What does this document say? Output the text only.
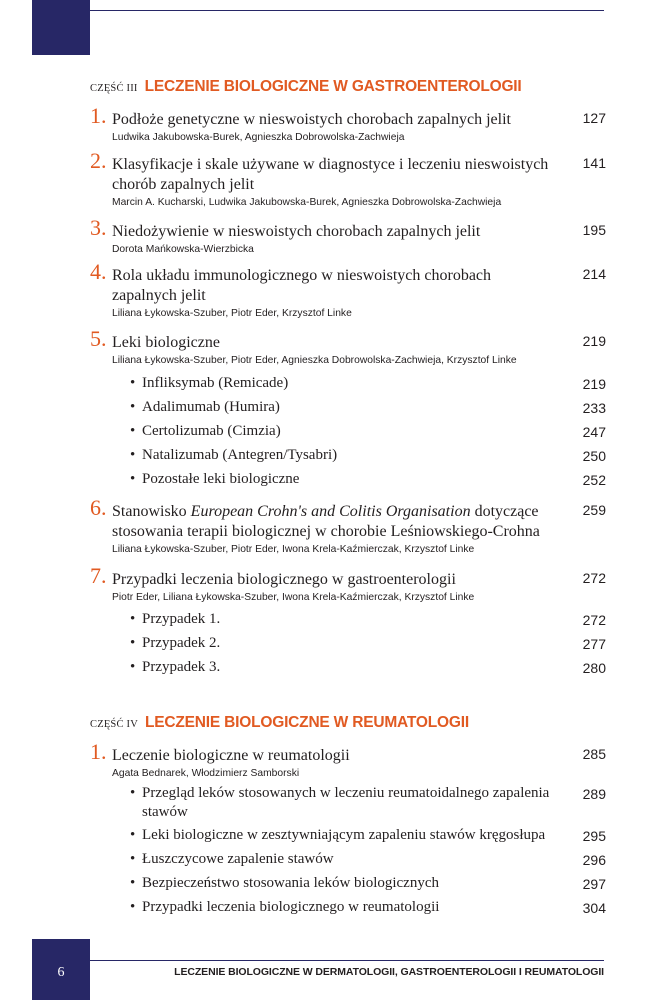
CZĘŚĆ III LECZENIE BIOLOGICZNE W GASTROENTEROLOGII
1. Podłoże genetyczne w nieswoistych chorobach zapalnych jelit
Ludwika Jakubowska-Burek, Agnieszka Dobrowolska-Zachwieja
127
2. Klasyfikacje i skale używane w diagnostyce i leczeniu nieswoistych chorób zapalnych jelit
Marcin A. Kucharski, Ludwika Jakubowska-Burek, Agnieszka Dobrowolska-Zachwieja
141
3. Niedożywienie w nieswoistych chorobach zapalnych jelit
Dorota Mańkowska-Wierzbicka
195
4. Rola układu immunologicznego w nieswoistych chorobach zapalnych jelit
Liliana Łykowska-Szuber, Piotr Eder, Krzysztof Linke
214
5. Leki biologiczne
Liliana Łykowska-Szuber, Piotr Eder, Agnieszka Dobrowolska-Zachwieja, Krzysztof Linke
219
• Infliksymab (Remicade)	219
• Adalimumab (Humira)	233
• Certolizumab (Cimzia)	247
• Natalizumab (Antegren/Tysabri)	250
• Pozostałe leki biologiczne	252
6. Stanowisko European Crohn's and Colitis Organisation dotyczące stosowania terapii biologicznej w chorobie Leśniowskiego-Crohna
Liliana Łykowska-Szuber, Piotr Eder, Iwona Krela-Kaźmierczak, Krzysztof Linke
259
7. Przypadki leczenia biologicznego w gastroenterologii
Piotr Eder, Liliana Łykowska-Szuber, Iwona Krela-Kaźmierczak, Krzysztof Linke
272
• Przypadek 1.	272
• Przypadek 2.	277
• Przypadek 3.	280
CZĘŚĆ IV LECZENIE BIOLOGICZNE W REUMATOLOGII
1. Leczenie biologiczne w reumatologii
Agata Bednarek, Włodzimierz Samborski
285
• Przegląd leków stosowanych w leczeniu reumatoidalnego zapalenia stawów
289
• Leki biologiczne w zesztywniającym zapaleniu stawów kręgosłupa	295
• Łuszczycowe zapalenie stawów	296
• Bezpieczeństwo stosowania leków biologicznych	297
• Przypadki leczenia biologicznego w reumatologii	304
6	LECZENIE BIOLOGICZNE W DERMATOLOGII, GASTROENTEROLOGII I REUMATOLOGII
